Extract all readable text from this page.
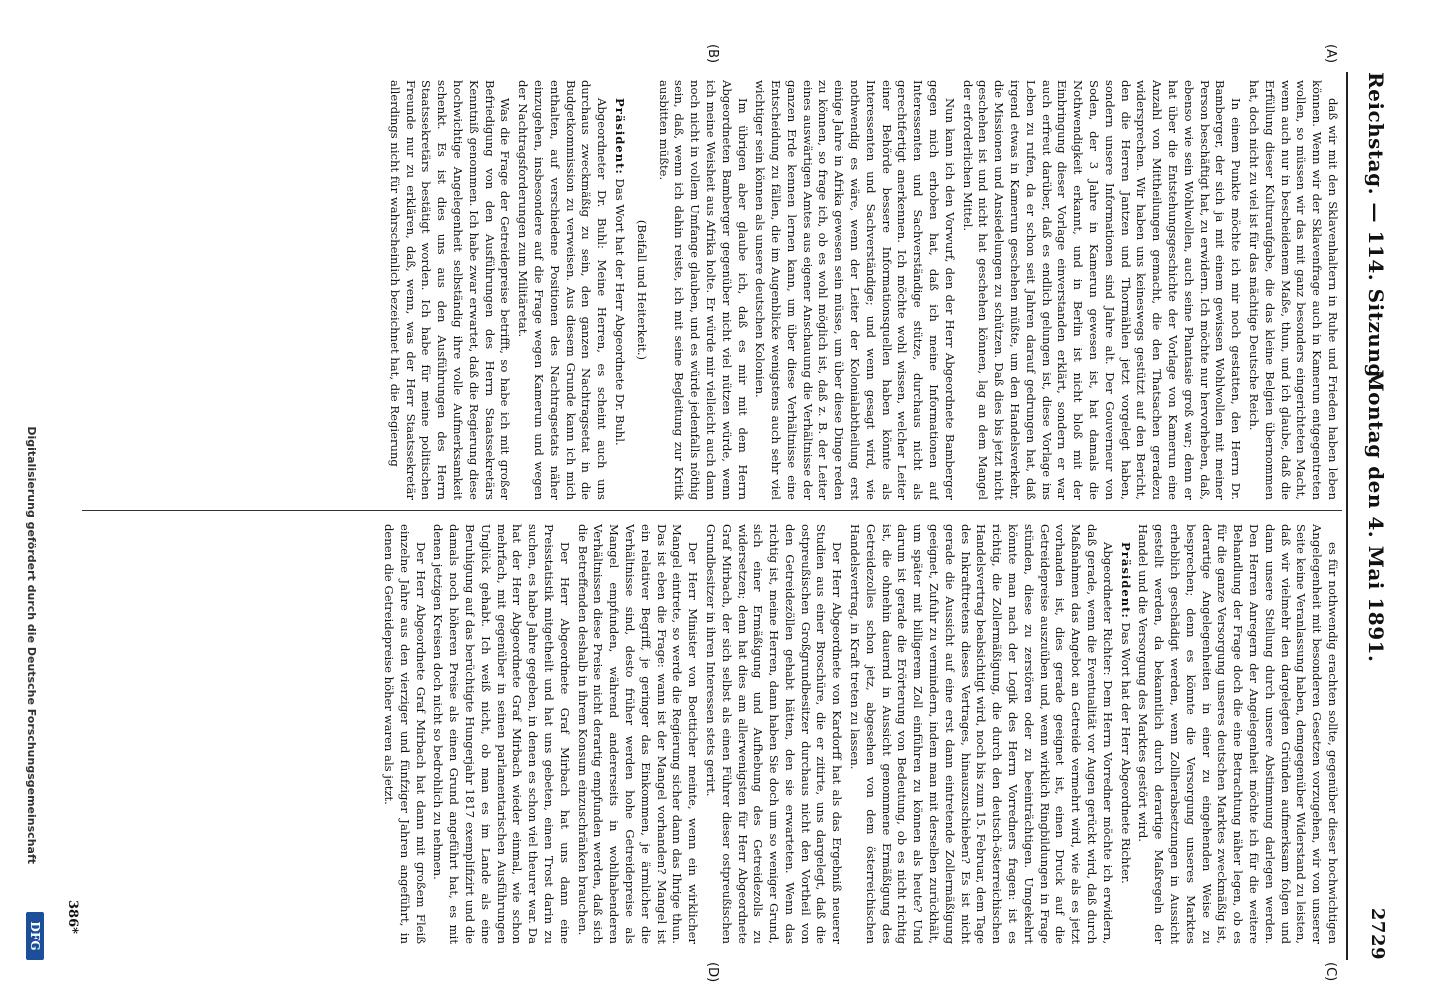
Reichstag. — 114. Sitzung.
Montag den 4. Mai 1891.
2729
(A)
(B)
(C)
(D)

daß wir mit den Sklavenhaltern in Ruhe und Frieden haben leben können. Wenn wir der Sklavenfrage auch in Kamerun entgegentreten wollen, so müssen wir das mit ganz besonders eingerichteten Macht, wenn auch nur in bescheidenem Maße, thun, und ich glaube, daß die Erfüllung dieser Kulturaufgabe, die das kleine Belgien übernommen hat, doch nicht zu viel ist für das mächtige Deutsche Reich.

In einem Punkte möchte ich mir noch gestatten, den Herrn Dr. Bamberger, der sich ja mit einem gewissen Wohlwollen mit meiner Person beschäftigt hat, zu erwidern. Ich möchte nur hervorheben, daß, ebenso wie sein Wohlwollen, auch seine Phantasie groß war; denn er hat über die Entstehungsgeschichte der Vorlage von Kamerun eine Anzahl von Mittheilungen gemacht, die den Thatsachen geradezu widersprechen. Wir haben uns keineswegs gestützt auf den Bericht, den die Herren Jantzen und Thormählen jetzt vorgelegt haben, sondern unsere Informationen sind Jahre alt. Der Gouverneur von Soden, der 3 Jahre in Kamerun gewesen ist, hat damals die Nothwendigkeit erkannt, und in Berlin ist nicht bloß mit der Einbringung dieser Vorlage einverstanden erklärt, sondern er war auch erfreut darüber, daß es endlich gelungen ist, diese Vorlage ins Leben zu rufen, da er schon seit Jahren darauf gedrungen hat, daß irgend etwas in Kamerun geschehen müßte, um den Handelsverkehr, die Missionen und Ansiedelungen zu schützen. Daß dies bis jetzt nicht geschehen ist und nicht hat geschehen können, lag an dem Mangel der erforderlichen Mittel.

Nun kann ich den Vorwurf, den der Herr Abgeordnete Bamberger gegen mich erhoben hat, daß ich meine Informationen auf Interessenten und Sachverständige stütze, durchaus nicht als gerechtfertigt anerkennen. Ich möchte wohl wissen, welcher Leiter einer Behörde bessere Informationsquellen haben könnte als Interessenten und Sachverständige; und wenn gesagt wird, wie nothwendig es wäre, wenn der Leiter der Kolonialabtheilung erst einige Jahre in Afrika gewesen sein müsse, um über diese Dinge reden zu können, so frage ich, ob es wohl möglich ist, daß z. B. der Leiter eines auswärtigen Amtes aus eigener Anschauung die Verhältnisse der ganzen Erde kennen lernen kann, um über diese Verhältnisse eine Entscheidung zu fällen, die im Augenblicke wenigstens auch sehr viel wichtiger sein können als unsere deutschen Kolonien.

Im übrigen aber glaube ich, daß es mir mit dem Herrn Abgeordneten Bamberger gegenüber nicht viel nützen würde, wenn ich meine Weisheit aus Afrika holte. Er würde mir vielleicht auch dann noch nicht in vollem Umfange glauben, und es würde jedenfalls nöthig sein, daß, wenn ich dahin reiste, ich mit seine Begleitung zur Kritik ausbitten müßte.

(Beifall und Heiterkeit.)

Präsident: Das Wort hat der Herr Abgeordnete Dr. Buhl.

Abgeordneter Dr. Buhl: Meine Herren, es scheint auch uns durchaus zweckmäßig zu sein, den ganzen Nachtragsetat in die Budgetkommission zu verweisen. Aus diesem Grunde kann ich mich enthalten, auf verschiedene Positionen des Nachtragsetats näher einzugehen, insbesondere auf die Frage wegen Kamerun und wegen der Nachtragsforderungen zum Militäretat.

Was die Frage der Getreidepreise betrifft, so habe ich mit großer Befriedigung von den Ausführungen des Herrn Staatssekretärs Kenntniß genommen. Ich habe zwar erwartet, daß die Regierung diese hochwichtige Angelegenheit selbständig ihre volle Aufmerksamkeit schenkt. Es ist dies uns aus den Ausführungen des Herrn Staatssekretärs bestätigt worden. Ich habe für meine politischen Freunde nur zu erklären, daß, wenn, was der Herr Staatssekretär allerdings nicht für wahrscheinlich bezeichnet hat, die Regierung

es für nothwendig erachten sollte, gegenüber dieser hochwichtigen Angelegenheit mit besonderen Gesetzen vorzugehen, wir von unserer Seite keine Veranlassung haben, demgegenüber Widerstand zu leisten, daß wir vielmehr den dargelegten Gründen aufmerksam folgen und dann unsere Stellung durch unsere Abstimmung darlegen werden. Den Herren Anregern der Angelegenheit möchte ich für die weitere Behandlung der Frage doch die eine Betrachtung näher legen, ob es für die ganze Versorgung unseres deutschen Marktes zweckmäßig ist, derartige Angelegenheiten in einer zu eingehenden Weise zu besprechen; denn es könnte die Versorgung unseres Marktes erheblich geschädigt werden, wenn Zollherabsetzungen in Aussicht gestellt werden, da bekanntlich durch derartige Maßregeln der Handel und die Versorgung des Marktes gestört wird.

Präsident: Das Wort hat der Herr Abgeordnete Richter.

Abgeordneter Richter: Dem Herrn Vorredner möchte ich erwidern, daß gerade, wenn die Eventualität vor Augen gerückt wird, daß durch Maßnahmen das Angebot an Getreide vermehrt wird, wie als es jetzt vorhanden ist, dies gerade geeignet ist, einen Druck auf die Getreidepreise auszuüben und, wenn wirklich Ringbildungen in Frage stünden, diese zu zerstören oder zu beeinträchtigen. Umgekehrt könnte man nach der Logik des Herrn Vorredners fragen: ist es richtig, die Zollermäßigung, die durch den deutsch-österreichischen Handelsvertrag beabsichtigt wird, noch bis zum 15. Februar, dem Tage des Inkrafttretens dieses Vertrages, hinauszuschieben? Es ist nicht gerade die Aussicht auf eine erst dann eintretende Zollermäßigung geeignet, Zufuhr zu vermindern, indem man mit derselben zurückhält, um später mit billigerem Zoll einführen zu können als heute? Und darum ist gerade die Erörterung von Bedeutung, ob es nicht richtig ist, die ohnehin dauernd in Aussicht genommene Ermäßigung des Getreidezolles schon jetz, abgesehen von dem österreichischen Handelsvertrag, in Kraft treten zu lassen.

Der Herr Abgeordnete von Kardorff hat als das Ergebniß neuerer Studien aus einer Broschüre, die er zitirte, uns dargelegt, daß die ostpreußischen Großgrundbesitzer durchaus nicht den Vortheil von den Getreidezöllen gehabt hätten, den sie erwarteten. Wenn das richtig ist, meine Herren, dann haben Sie doch um so weniger Grund, sich einer Ermäßigung und Aufhebung des Getreidezolls zu widersetzen; denn hat dies am allerwenigsten für Herr Abgeordnete Graf Mirbach, der sich selbst als einen Führer dieser ostpreußischen Grundbesitzer in ihren Interessen stets gerirt.

Der Herr Minister von Boetticher meinte, wenn ein wirklicher Mangel eintrete, so werde die Regierung sicher dann das Ihrige thun. Das ist eben die Frage: wann ist der Mangel vorhanden? Mangel ist ein relativer Begriff, je geringer das Einkommen, je ärmlicher die Verhältnisse sind, desto früher werden hohe Getreidepreise als Mangel empfunden, während andererseits in wohlhabenderen Verhältnissen diese Preise nicht derartig empfunden werden, daß sich die Betreffenden deshalb in ihrem Konsum einzuschränken brauchen.

Der Herr Abgeordnete Graf Mirbach hat uns dann eine Preisstatistik mitgetheilt und hat uns gebeten, einen Trost darin zu suchen, es habe Jahre gegeben, in denen es schon viel theurer war. Da hat der Herr Abgeordnete Graf Mirbach wieder einmal, wie schon mehrfach, mit gegenüber in seinen parlamentarischen Ausführungen Unglück gehabt. Ich weiß nicht, ob man es im Lande als eine Beruhigung auf das berüchtigte Hungerjahr 1817 exemplifizirt und die damals noch höheren Preise als einen Grund angeführt hat, es mit denen jetzigen Kreisen doch nicht so bedrohlich zu nehmen.

Der Herr Abgeordnete Graf Mirbach hat dann mit großem Fleiß einzelne Jahre aus den vierziger und fünfziger Jahren angeführt, in denen die Getreidepreise höher waren als jetzt.

386*
Digitalisierung gefördert durch die Deutsche Forschungsgemeinschaft
DFG
